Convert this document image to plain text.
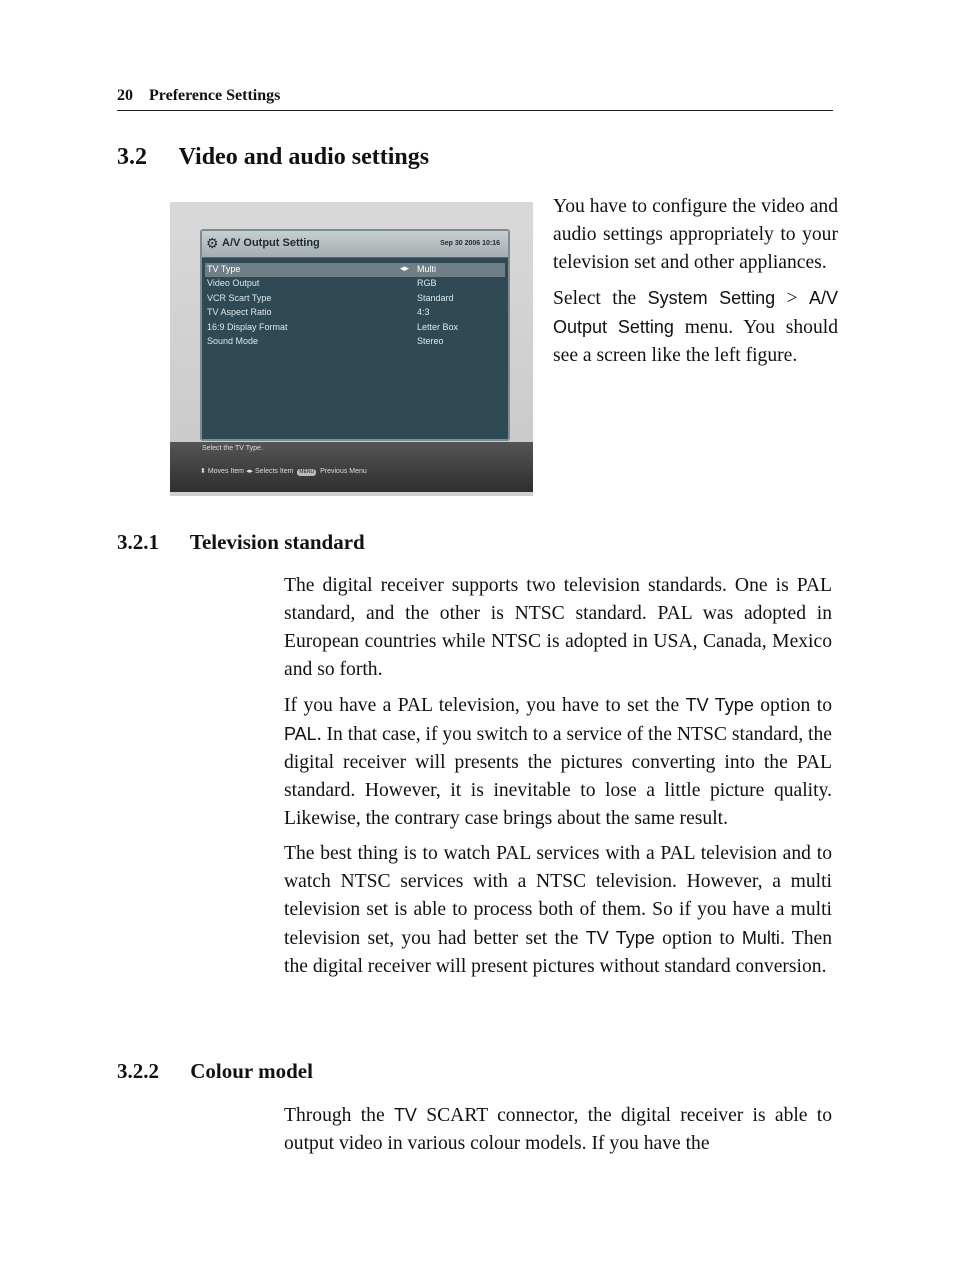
20 Preference Settings
3.2 Video and audio settings
⚙ A/V Output Setting	Sep 30 2006 10:16
TV Type	◂▸ Multi
Video Output	RGB
VCR Scart Type	Standard
TV Aspect Ratio	4:3
16:9 Display Format	Letter Box
Sound Mode	Stereo
Select the TV Type.
⬍ Moves Item ◂▸ Selects Item MENU Previous Menu

You have to configure the video and audio settings appropriately to your television set and other appliances.

Select the System Setting > A/V Output Setting menu. You should see a screen like the left figure.

3.2.1 Television standard

The digital receiver supports two television standards. One is PAL standard, and the other is NTSC standard. PAL was adopted in European countries while NTSC is adopted in USA, Canada, Mexico and so forth.

If you have a PAL television, you have to set the TV Type option to PAL. In that case, if you switch to a service of the NTSC standard, the digital receiver will presents the pictures converting into the PAL standard. However, it is inevitable to lose a little picture quality. Likewise, the contrary case brings about the same result.

The best thing is to watch PAL services with a PAL television and to watch NTSC services with a NTSC television. However, a multi television set is able to process both of them. So if you have a multi television set, you had better set the TV Type option to Multi. Then the digital receiver will present pictures without standard conversion.

3.2.2 Colour model

Through the TV SCART connector, the digital receiver is able to output video in various colour models. If you have the
